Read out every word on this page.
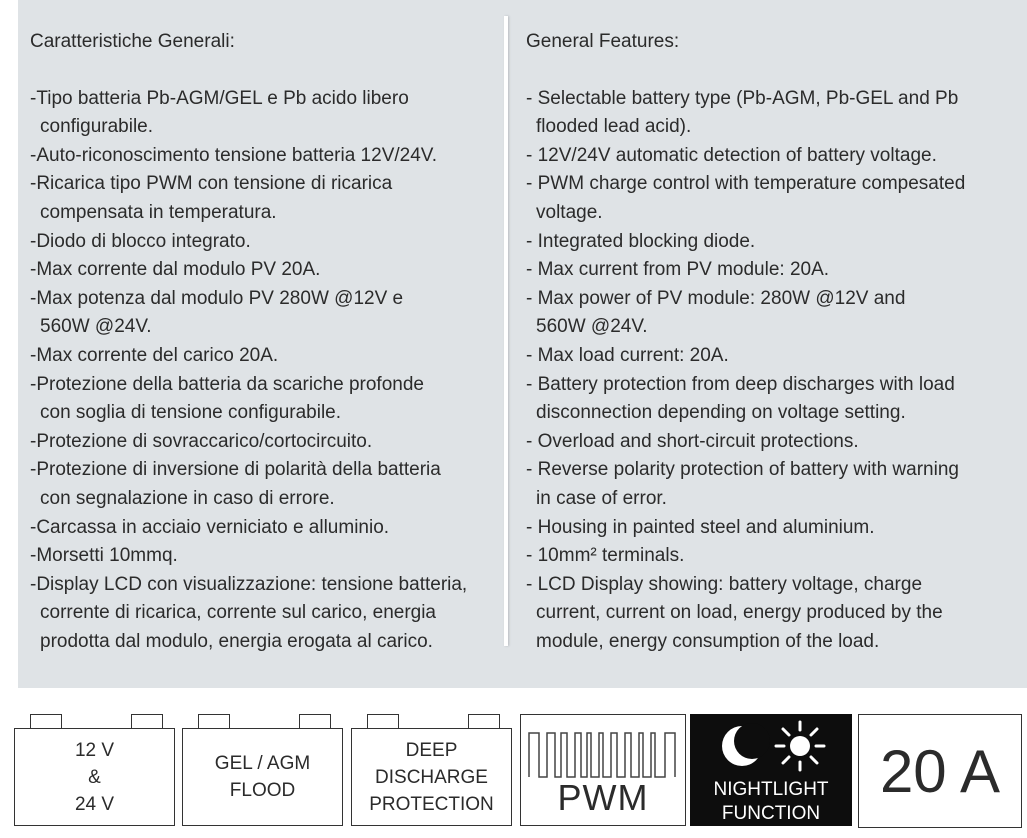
Caratteristiche Generali:
-Tipo batteria Pb-AGM/GEL e Pb acido libero
configurabile.
-Auto-riconoscimento tensione batteria 12V/24V.
-Ricarica tipo PWM con tensione di ricarica
compensata in temperatura.
-Diodo di blocco integrato.
-Max corrente dal modulo PV 20A.
-Max potenza dal modulo PV 280W @12V e
560W @24V.
-Max corrente del carico 20A.
-Protezione della batteria da scariche profonde
con soglia di tensione configurabile.
-Protezione di sovraccarico/cortocircuito.
-Protezione di inversione di polarità della batteria
con segnalazione in caso di errore.
-Carcassa in acciaio verniciato e alluminio.
-Morsetti 10mmq.
-Display LCD con visualizzazione: tensione batteria,
corrente di ricarica, corrente sul carico, energia
prodotta dal modulo, energia erogata al carico.
General Features:
- Selectable battery type (Pb-AGM, Pb-GEL and Pb
flooded lead acid).
- 12V/24V automatic detection of battery voltage.
- PWM charge control with temperature compesated
voltage.
- Integrated blocking diode.
- Max current from PV module: 20A.
- Max power of PV module: 280W @12V and
560W @24V.
- Max load current: 20A.
- Battery protection from deep discharges with load
disconnection depending on voltage setting.
- Overload and short-circuit protections.
- Reverse polarity protection of battery with warning
in case of error.
- Housing in painted steel and aluminium.
- 10mm² terminals.
- LCD Display showing: battery voltage, charge
current, current on load, energy produced by the
module, energy consumption of the load.
12 V
&
24 V
GEL / AGM
FLOOD
DEEP
DISCHARGE
PROTECTION	PWM	NIGHTLIGHT
FUNCTION
20 A
